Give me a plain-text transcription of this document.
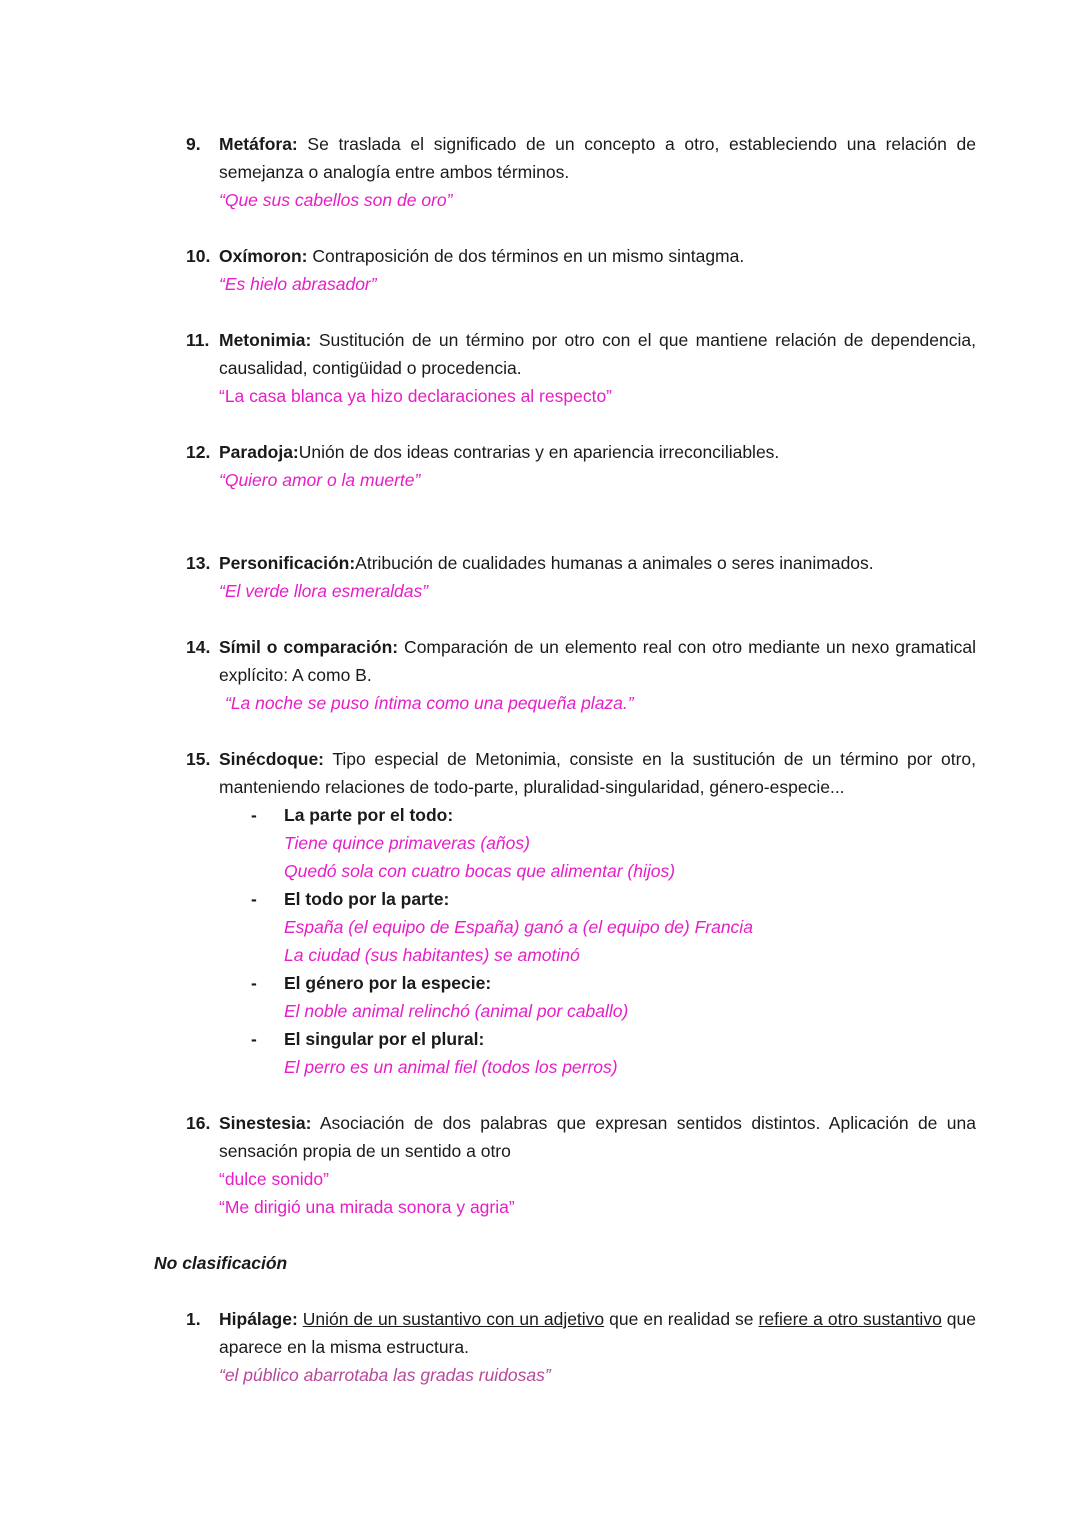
9. Metáfora: Se traslada el significado de un concepto a otro, estableciendo una relación de semejanza o analogía entre ambos términos.
“Que sus cabellos son de oro”
10. Oxímoron: Contraposición de dos términos en un mismo sintagma.
“Es hielo abrasador”
11. Metonimia: Sustitución de un término por otro con el que mantiene relación de dependencia, causalidad, contigüidad o procedencia.
“La casa blanca ya hizo declaraciones al respecto”
12. Paradoja:Unión de dos ideas contrarias y en apariencia irreconciliables.
“Quiero amor o la muerte”
13. Personificación:Atribución de cualidades humanas a animales o seres inanimados.
“El verde llora esmeraldas”
14. Símil o comparación: Comparación de un elemento real con otro mediante un nexo gramatical explícito: A como B.
“La noche se puso íntima como una pequeña plaza.”
15. Sinécdoque: Tipo especial de Metonimia, consiste en la sustitución de un término por otro, manteniendo relaciones de todo-parte, pluralidad-singularidad, género-especie...
- La parte por el todo:
Tiene quince primaveras (años)
Quedó sola con cuatro bocas que alimentar (hijos)
- El todo por la parte:
España (el equipo de España) ganó a (el equipo de) Francia
La ciudad (sus habitantes) se amotinó
- El género por la especie:
El noble animal relinchó (animal por caballo)
- El singular por el plural:
El perro es un animal fiel (todos los perros)
16. Sinestesia: Asociación de dos palabras que expresan sentidos distintos. Aplicación de una sensación propia de un sentido a otro
“dulce sonido”
“Me dirigió una mirada sonora y agria”
No clasificación
1. Hipálage: Unión de un sustantivo con un adjetivo que en realidad se refiere a otro sustantivo que aparece en la misma estructura.
“el público abarrotaba las gradas ruidosas”
